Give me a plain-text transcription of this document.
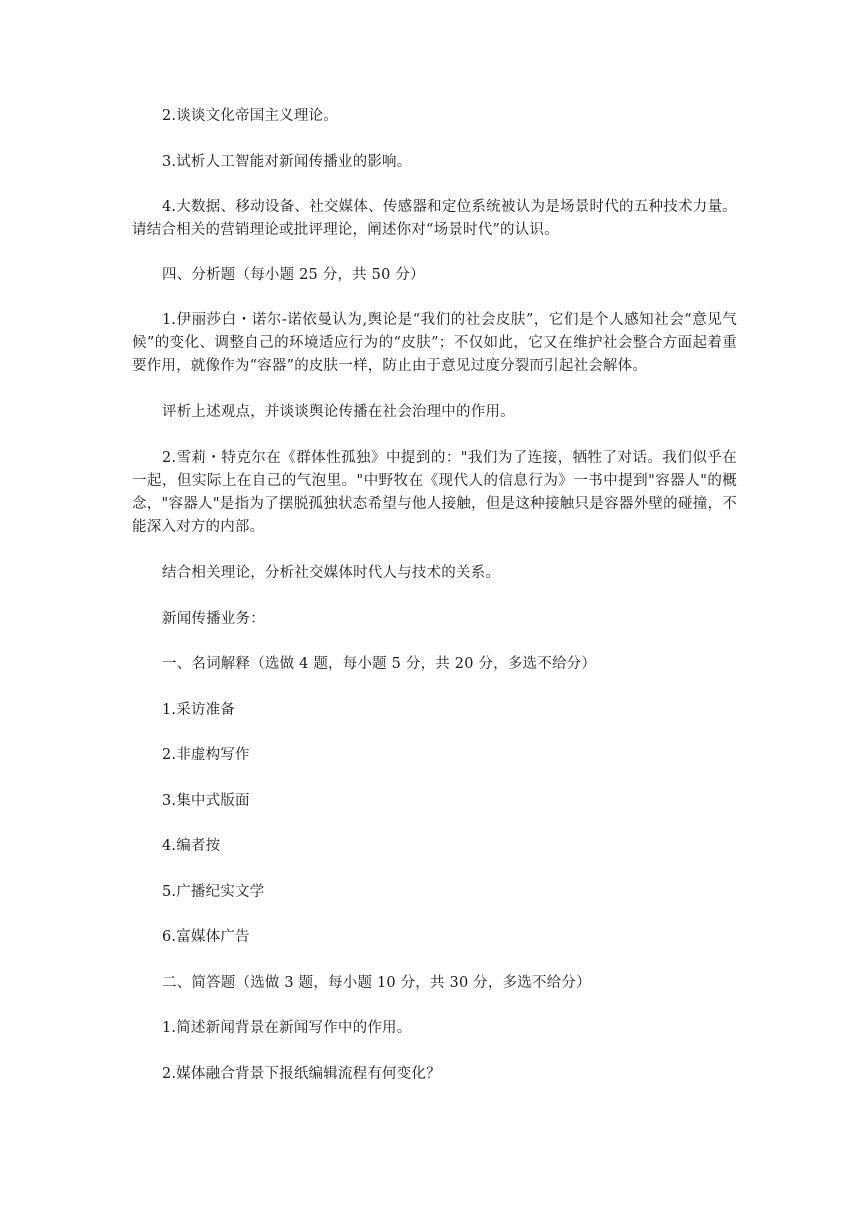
2.谈谈文化帝国主义理论。
3.试析人工智能对新闻传播业的影响。
4.大数据、移动设备、社交媒体、传感器和定位系统被认为是场景时代的五种技术力量。请结合相关的营销理论或批评理论，阐述你对“场景时代”的认识。
四、分析题（每小题 25 分，共 50 分）
1.伊丽莎白・诺尔-诺依曼认为,舆论是“我们的社会皮肤”，它们是个人感知社会“意见气候”的变化、调整自己的环境适应行为的“皮肤”；不仅如此，它又在维护社会整合方面起着重要作用，就像作为“容器”的皮肤一样，防止由于意见过度分裂而引起社会解体。
评析上述观点，并谈谈舆论传播在社会治理中的作用。
2.雪莉・特克尔在《群体性孤独》中提到的："我们为了连接，牺牲了对话。我们似乎在一起，但实际上在自己的气泡里。"中野牧在《现代人的信息行为》一书中提到"容器人"的概念，"容器人"是指为了摆脱孤独状态希望与他人接触，但是这种接触只是容器外壁的碰撞，不能深入对方的内部。
结合相关理论，分析社交媒体时代人与技术的关系。
新闻传播业务：
一、名词解释（选做 4 题，每小题 5 分，共 20 分，多选不给分）
1.采访准备
2.非虚构写作
3.集中式版面
4.编者按
5.广播纪实文学
6.富媒体广告
二、简答题（选做 3 题，每小题 10 分，共 30 分，多选不给分）
1.简述新闻背景在新闻写作中的作用。
2.媒体融合背景下报纸编辑流程有何变化？
